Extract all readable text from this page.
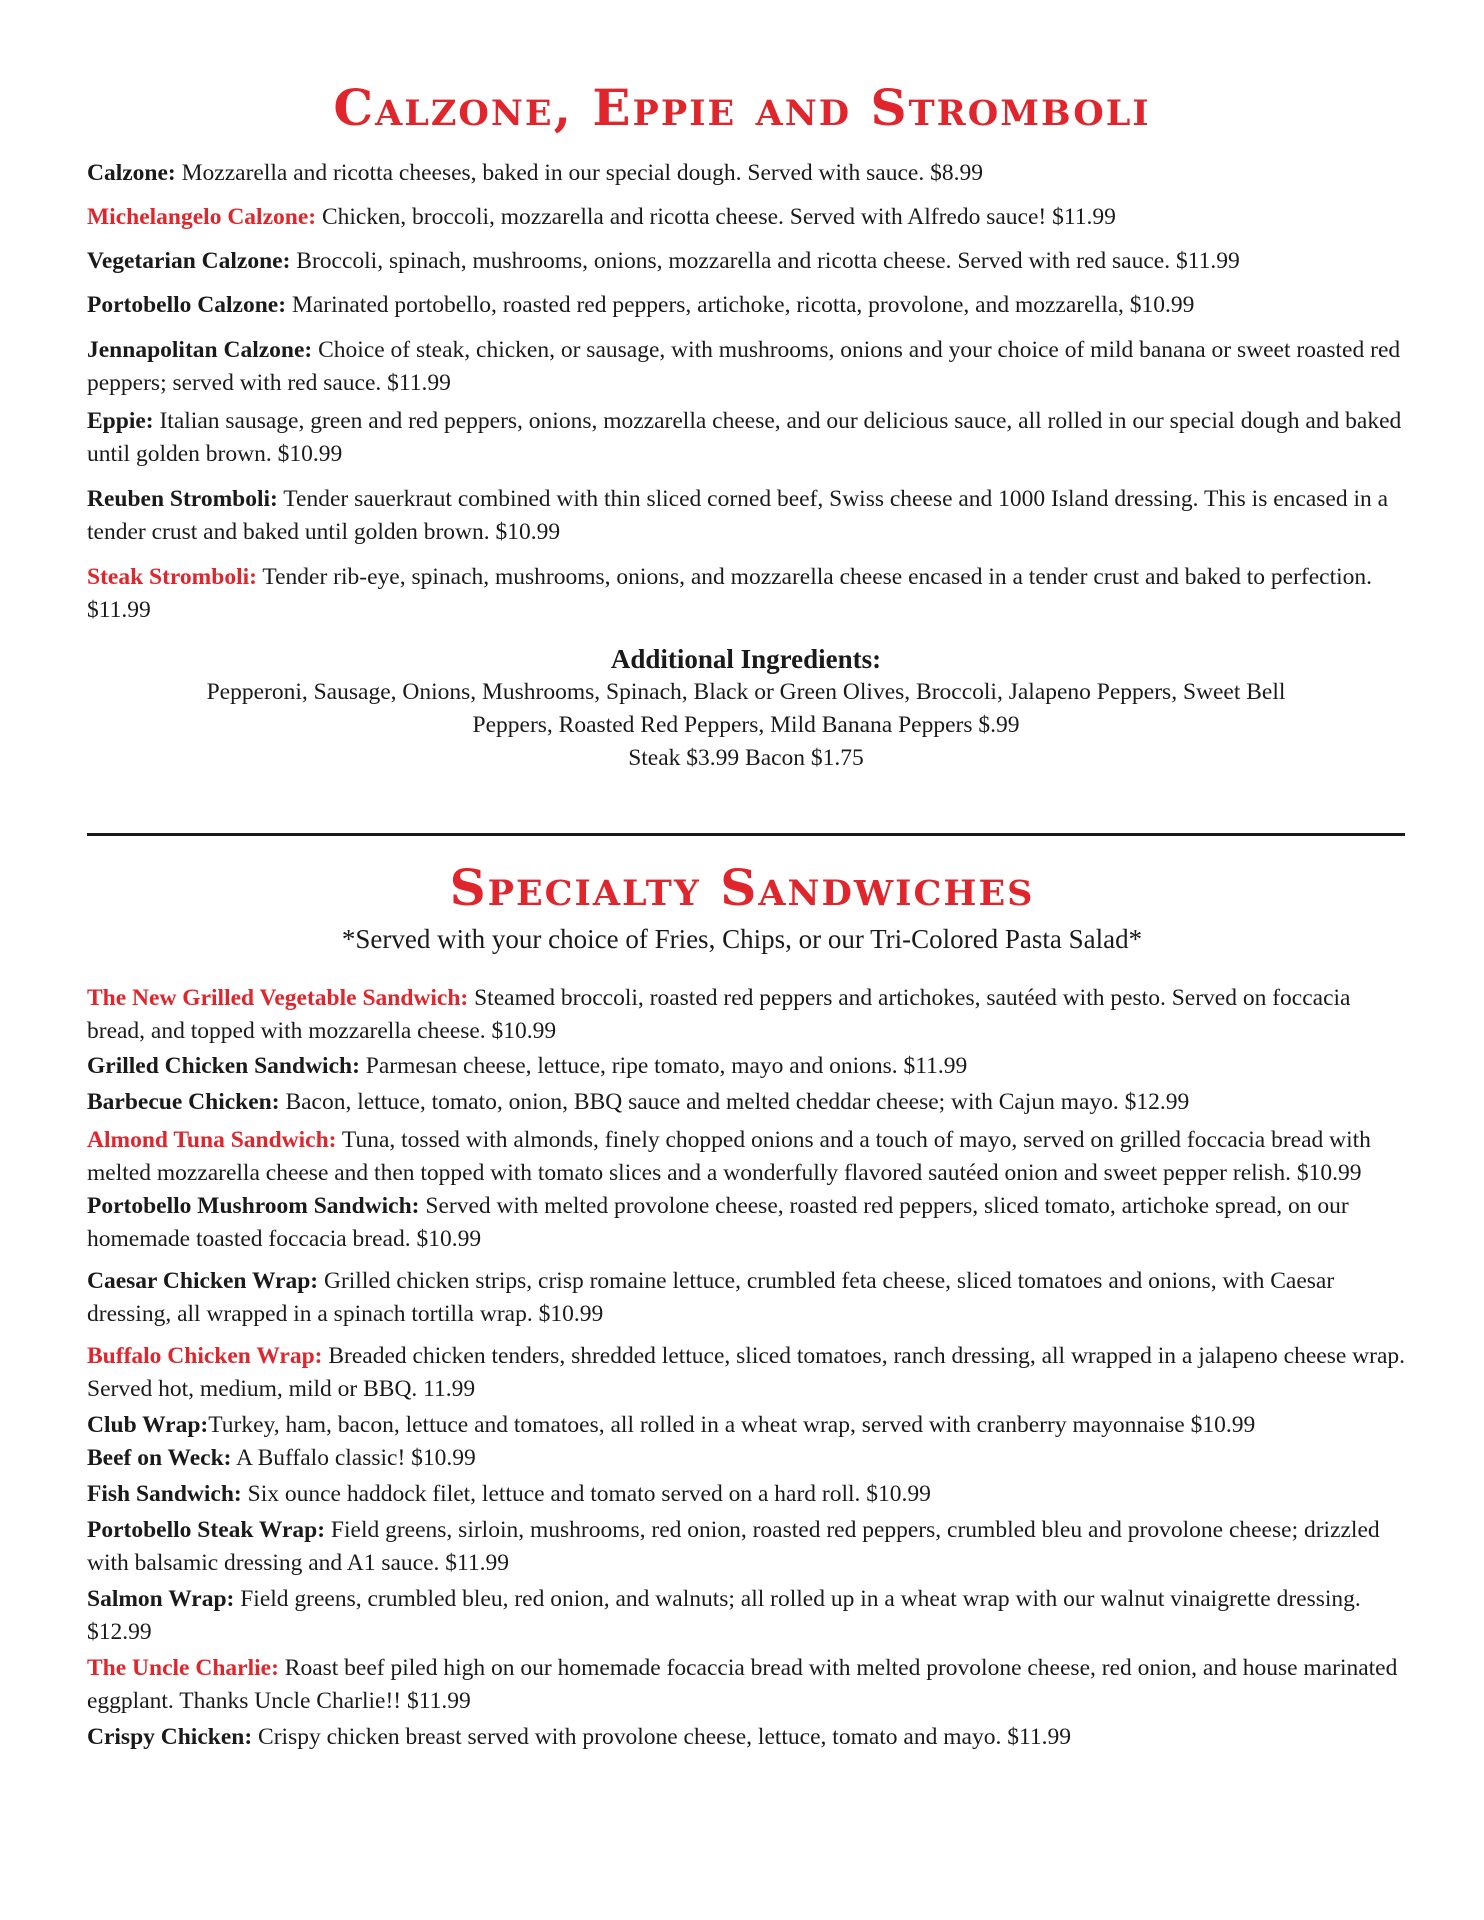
Calzone, Eppie and Stromboli

Calzone: Mozzarella and ricotta cheeses, baked in our special dough. Served with sauce. $8.99

Michelangelo Calzone: Chicken, broccoli, mozzarella and ricotta cheese. Served with Alfredo sauce! $11.99

Vegetarian Calzone: Broccoli, spinach, mushrooms, onions, mozzarella and ricotta cheese. Served with red sauce. $11.99

Portobello Calzone: Marinated portobello, roasted red peppers, artichoke, ricotta, provolone, and mozzarella, $10.99

Jennapolitan Calzone: Choice of steak, chicken, or sausage, with mushrooms, onions and your choice of mild banana or sweet roasted red peppers; served with red sauce. $11.99

Eppie: Italian sausage, green and red peppers, onions, mozzarella cheese, and our delicious sauce, all rolled in our special dough and baked until golden brown. $10.99

Reuben Stromboli: Tender sauerkraut combined with thin sliced corned beef, Swiss cheese and 1000 Island dressing. This is encased in a tender crust and baked until golden brown. $10.99

Steak Stromboli: Tender rib-eye, spinach, mushrooms, onions, and mozzarella cheese encased in a tender crust and baked to perfection. $11.99

Additional Ingredients:
Pepperoni, Sausage, Onions, Mushrooms, Spinach, Black or Green Olives, Broccoli, Jalapeno Peppers, Sweet Bell
Peppers, Roasted Red Peppers, Mild Banana Peppers $.99
Steak $3.99 Bacon $1.75
Specialty Sandwiches
*Served with your choice of Fries, Chips, or our Tri-Colored Pasta Salad*

The New Grilled Vegetable Sandwich: Steamed broccoli, roasted red peppers and artichokes, sautéed with pesto. Served on foccacia bread, and topped with mozzarella cheese. $10.99

Grilled Chicken Sandwich: Parmesan cheese, lettuce, ripe tomato, mayo and onions. $11.99

Barbecue Chicken: Bacon, lettuce, tomato, onion, BBQ sauce and melted cheddar cheese; with Cajun mayo. $12.99

Almond Tuna Sandwich: Tuna, tossed with almonds, finely chopped onions and a touch of mayo, served on grilled foccacia bread with melted mozzarella cheese and then topped with tomato slices and a wonderfully flavored sautéed onion and sweet pepper relish. $10.99

Portobello Mushroom Sandwich: Served with melted provolone cheese, roasted red peppers, sliced tomato, artichoke spread, on our homemade toasted foccacia bread. $10.99

Caesar Chicken Wrap: Grilled chicken strips, crisp romaine lettuce, crumbled feta cheese, sliced tomatoes and onions, with Caesar dressing, all wrapped in a spinach tortilla wrap. $10.99

Buffalo Chicken Wrap: Breaded chicken tenders, shredded lettuce, sliced tomatoes, ranch dressing, all wrapped in a jalapeno cheese wrap. Served hot, medium, mild or BBQ. 11.99

Club Wrap:Turkey, ham, bacon, lettuce and tomatoes, all rolled in a wheat wrap, served with cranberry mayonnaise $10.99

Beef on Weck: A Buffalo classic! $10.99

Fish Sandwich: Six ounce haddock filet, lettuce and tomato served on a hard roll. $10.99

Portobello Steak Wrap: Field greens, sirloin, mushrooms, red onion, roasted red peppers, crumbled bleu and provolone cheese; drizzled with balsamic dressing and A1 sauce. $11.99

Salmon Wrap: Field greens, crumbled bleu, red onion, and walnuts; all rolled up in a wheat wrap with our walnut vinaigrette dressing. $12.99

The Uncle Charlie: Roast beef piled high on our homemade focaccia bread with melted provolone cheese, red onion, and house marinated eggplant. Thanks Uncle Charlie!! $11.99

Crispy Chicken: Crispy chicken breast served with provolone cheese, lettuce, tomato and mayo. $11.99
